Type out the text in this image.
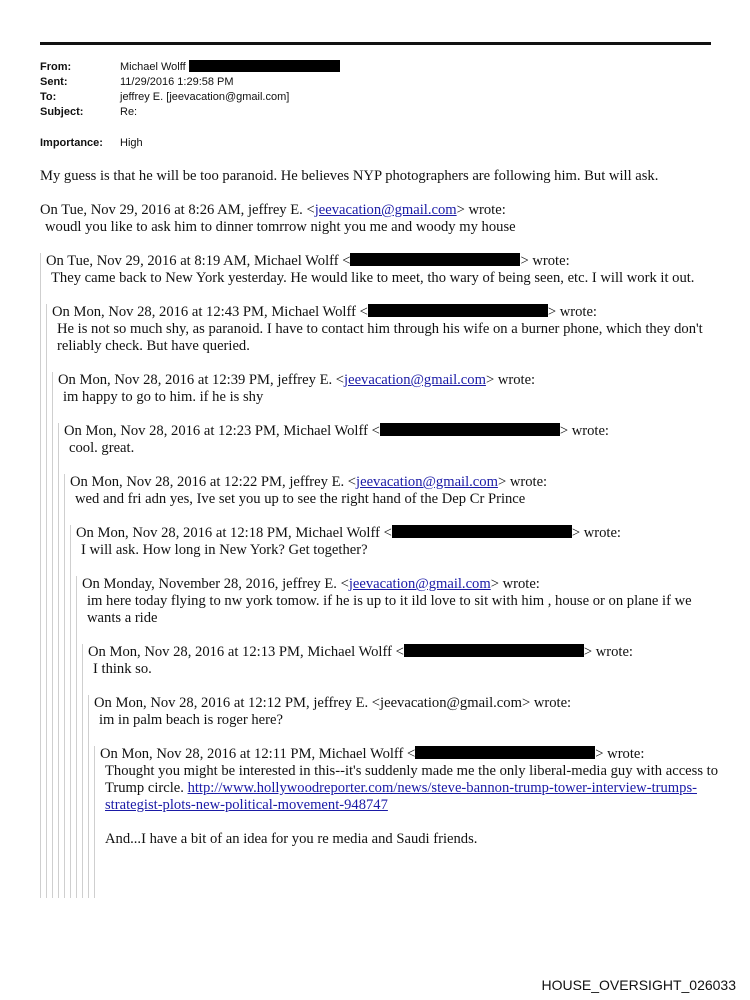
From:	Michael Wolff

Sent:	11/29/2016 1:29:58 PM
To:	jeffrey E. [jeevacation@gmail.com]
Subject:	Re:
Importance:	High

My guess is that he will be too paranoid. He believes NYP photographers are following him. But will ask.

On Tue, Nov 29, 2016 at 8:26 AM, jeffrey E. <jeevacation@gmail.com> wrote:

woudl you like to ask him to dinner tomrrow night you me and woody my house

On Tue, Nov 29, 2016 at 8:19 AM, Michael Wolff <	> wrote:

They came back to New York yesterday. He would like to meet, tho wary of being seen, etc. I will work it out.

On Mon, Nov 28, 2016 at 12:43 PM, Michael Wolff <	> wrote:

He is not so much shy, as paranoid. I have to contact him through his wife on a burner phone, which they don't reliably check. But have queried.

On Mon, Nov 28, 2016 at 12:39 PM, jeffrey E. <jeevacation@gmail.com> wrote:

im happy to go to him. if he is shy

On Mon, Nov 28, 2016 at 12:23 PM, Michael Wolff <	> wrote:

cool. great.

On Mon, Nov 28, 2016 at 12:22 PM, jeffrey E. <jeevacation@gmail.com> wrote:

wed and fri adn yes, Ive set you up to see the right hand of the Dep Cr Prince

On Mon, Nov 28, 2016 at 12:18 PM, Michael Wolff <	> wrote:

I will ask. How long in New York? Get together?

On Monday, November 28, 2016, jeffrey E. <jeevacation@gmail.com> wrote:

im here today flying to nw york tomow. if he is up to it ild love to sit with him , house or on plane if we wants a ride

On Mon, Nov 28, 2016 at 12:13 PM, Michael Wolff <	> wrote:

I think so.

On Mon, Nov 28, 2016 at 12:12 PM, jeffrey E. <jeevacation@gmail.com> wrote:

im in palm beach is roger here?

On Mon, Nov 28, 2016 at 12:11 PM, Michael Wolff <	> wrote:

Thought you might be interested in this--it's suddenly made me the only liberal-media guy with access to Trump circle. http://www.hollywoodreporter.com/news/steve-bannon-trump-tower-interview-trumps-strategist-plots-new-political-movement-948747

And...I have a bit of an idea for you re media and Saudi friends.

HOUSE_OVERSIGHT_026033
